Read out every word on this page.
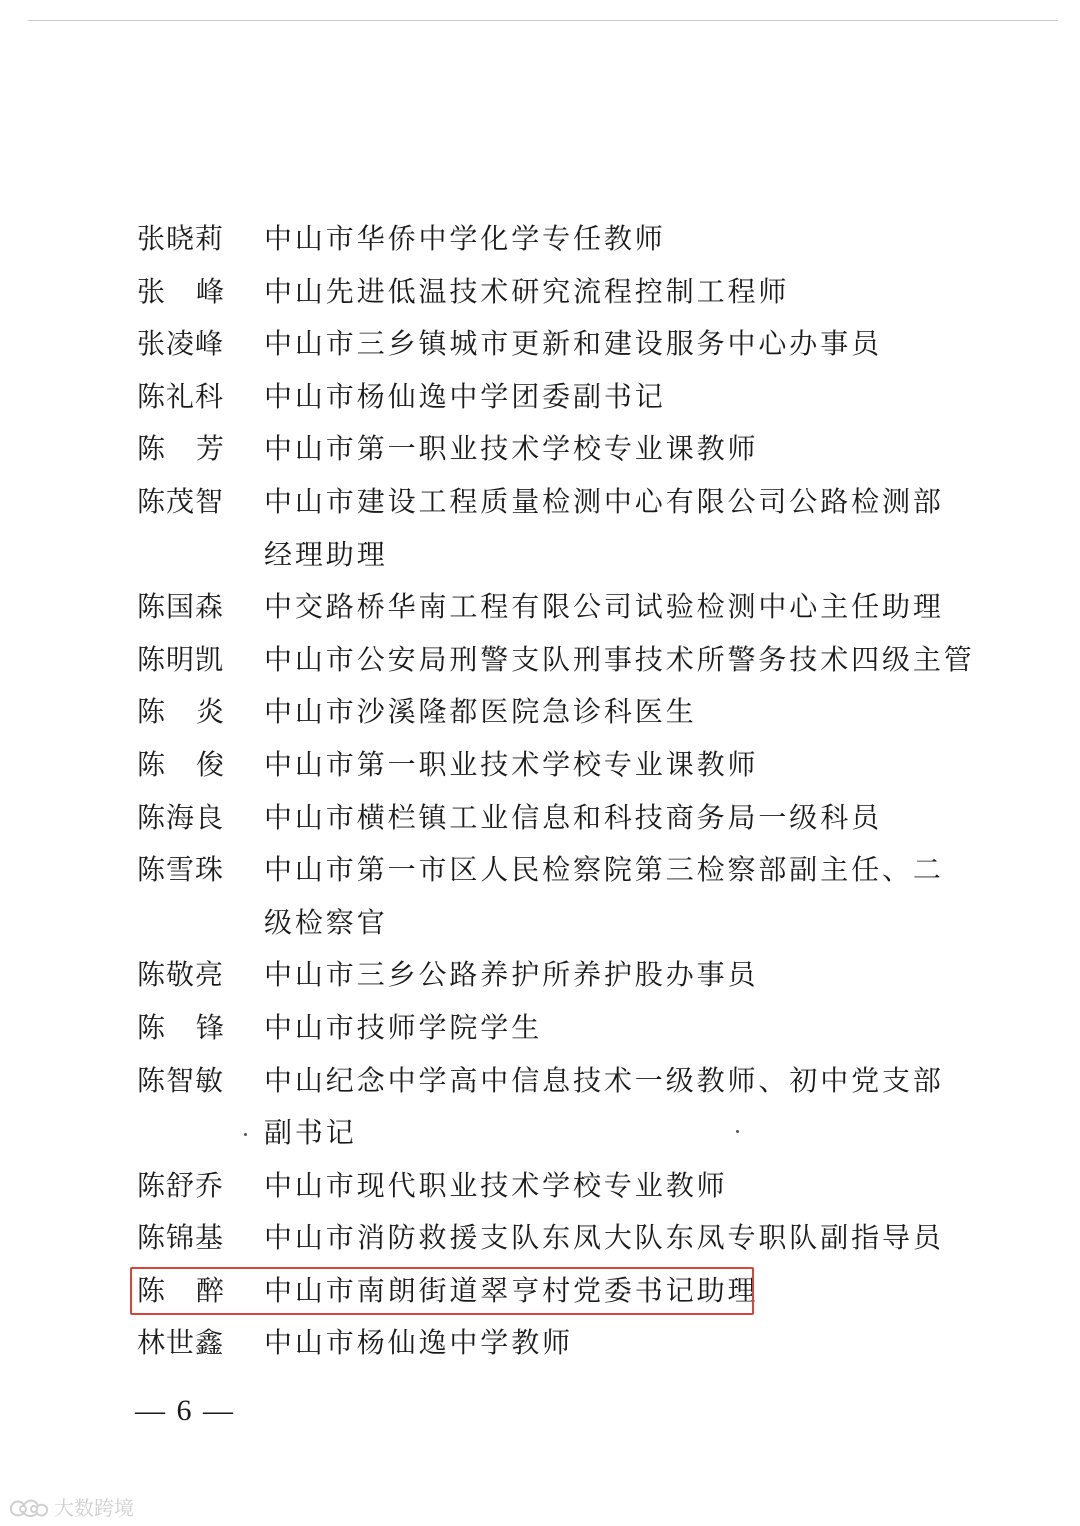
张晓莉 中山市华侨中学化学专任教师
张 峰 中山先进低温技术研究流程控制工程师
张凌峰 中山市三乡镇城市更新和建设服务中心办事员
陈礼科 中山市杨仙逸中学团委副书记
陈 芳 中山市第一职业技术学校专业课教师
陈茂智 中山市建设工程质量检测中心有限公司公路检测部
经理助理
陈国森 中交路桥华南工程有限公司试验检测中心主任助理
陈明凯 中山市公安局刑警支队刑事技术所警务技术四级主管
陈 炎 中山市沙溪隆都医院急诊科医生
陈 俊 中山市第一职业技术学校专业课教师
陈海良 中山市横栏镇工业信息和科技商务局一级科员
陈雪珠 中山市第一市区人民检察院第三检察部副主任、二
级检察官
陈敬亮 中山市三乡公路养护所养护股办事员
陈 锋 中山市技师学院学生
陈智敏 中山纪念中学高中信息技术一级教师、初中党支部
副书记
陈舒乔 中山市现代职业技术学校专业教师
陈锦基 中山市消防救援支队东凤大队东凤专职队副指导员
陈 醉 中山市南朗街道翠亨村党委书记助理
林世鑫 中山市杨仙逸中学教师
— 6 —
大数跨境
